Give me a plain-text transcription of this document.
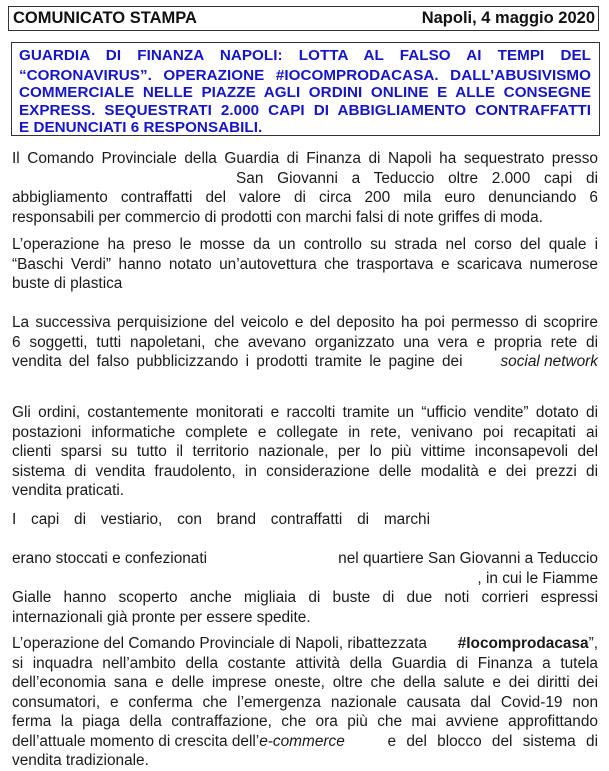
COMUNICATO STAMPA	Napoli, 4 maggio 2020
GUARDIA DI FINANZA NAPOLI: LOTTA AL FALSO AI TEMPI DEL
“CORONAVIRUS”. OPERAZIONE #IOCOMPRODACASA. DALL’ABUSIVISMO
COMMERCIALE NELLE PIAZZE AGLI ORDINI ONLINE E ALLE CONSEGNE
EXPRESS. SEQUESTRATI 2.000 CAPI DI ABBIGLIAMENTO CONTRAFFATTI
E DENUNCIATI 6 RESPONSABILI.
Il Comando Provinciale della Guardia di Finanza di Napoli ha sequestrato presso
San Giovanni a Teduccio oltre 2.000 capi di
abbigliamento contraffatti del valore di circa 200 mila euro denunciando 6
responsabili per commercio di prodotti con marchi falsi di note griffes di moda.
L’operazione ha preso le mosse da un controllo su strada nel corso del quale i
“Baschi Verdi” hanno notato un’autovettura che trasportava e scaricava numerose
buste di plastica
La successiva perquisizione del veicolo e del deposito ha poi permesso di scoprire
6 soggetti, tutti napoletani, che avevano organizzato una vera e propria rete di
vendita del falso pubblicizzando i prodotti tramite le pagine dei social network
Gli ordini, costantemente monitorati e raccolti tramite un “ufficio vendite” dotato di
postazioni informatiche complete e collegate in rete, venivano poi recapitati ai
clienti sparsi su tutto il territorio nazionale, per lo più vittime inconsapevoli del
sistema di vendita fraudolento, in considerazione delle modalità e dei prezzi di
vendita praticati.
I capi di vestiario, con brand contraffatti di marchi
erano stoccati e confezionati	nel quartiere San Giovanni a Teduccio
, in cui le Fiamme
Gialle hanno scoperto anche migliaia di buste di due noti corrieri espressi
internazionali già pronte per essere spedite.
L’operazione del Comando Provinciale di Napoli, ribattezzata #Iocomprodacasa”,
si inquadra nell’ambito della costante attività della Guardia di Finanza a tutela
dell’economia sana e delle imprese oneste, oltre che della salute e dei diritti dei
consumatori, e conferma che l’emergenza nazionale causata dal Covid-19 non
ferma la piaga della contraffazione, che ora più che mai avviene approfittando
dell’attuale momento di crescita dell’e-commerce	e del blocco del sistema di
vendita tradizionale.
